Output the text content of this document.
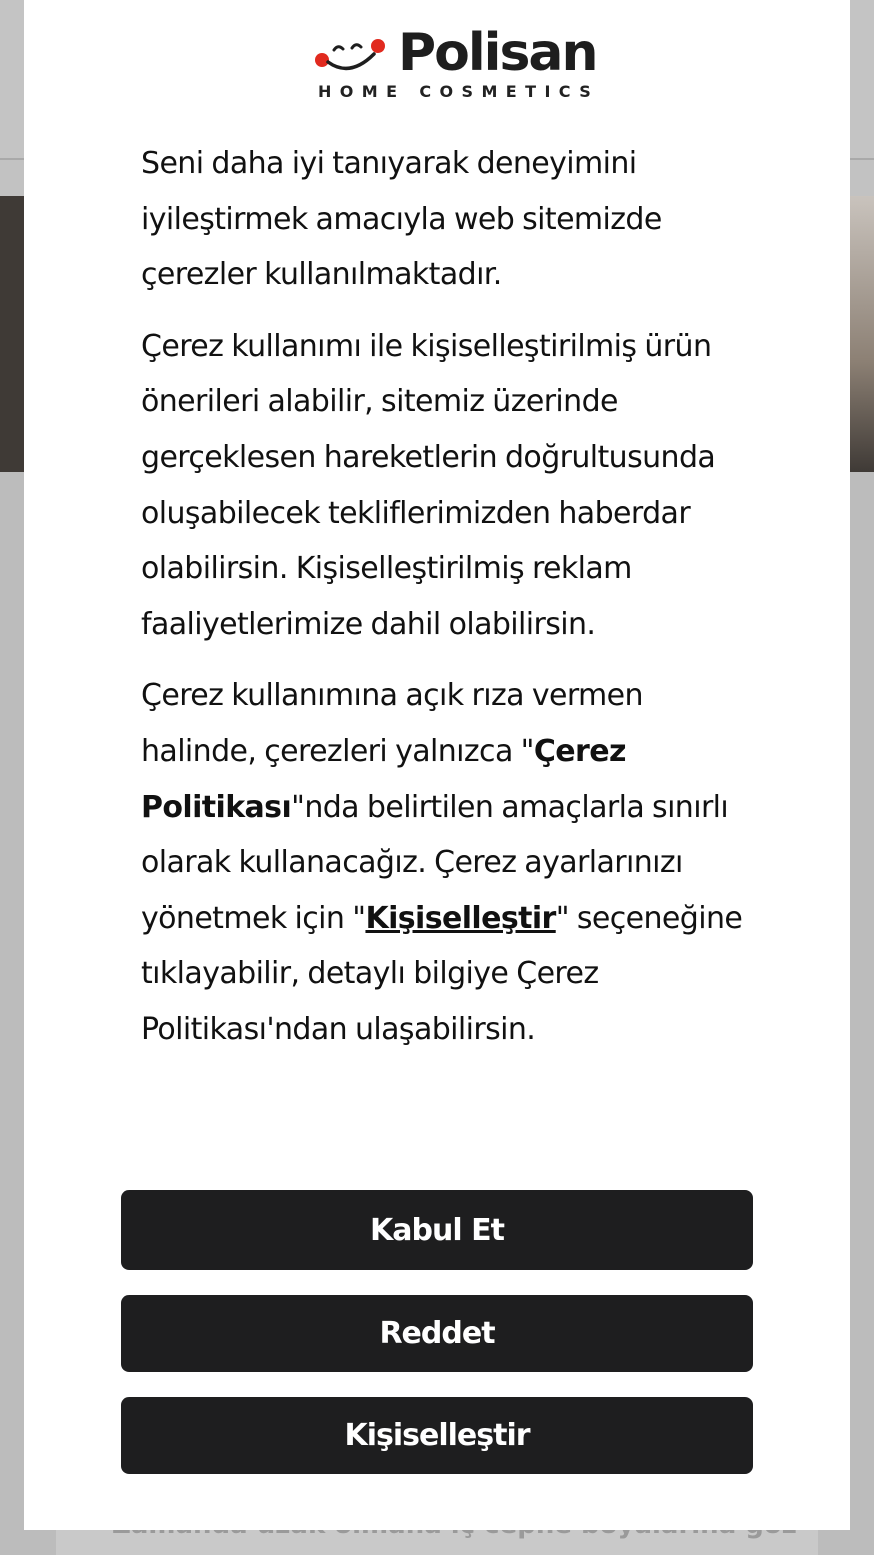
Polisan
HOME COSMETICS

Seni daha iyi tanıyarak deneyimini iyileştirmek amacıyla web sitemizde çerezler kullanılmaktadır.

Çerez kullanımı ile kişiselleştirilmiş ürün önerileri alabilir, sitemiz üzerinde gerçeklesen hareketlerin doğrultusunda oluşabilecek tekliflerimizden haberdar olabilirsin. Kişiselleştirilmiş reklam faaliyetlerimize dahil olabilirsin.

Çerez kullanımına açık rıza vermen halinde, çerezleri yalnızca "Çerez Politikası"nda belirtilen amaçlarla sınırlı olarak kullanacağız. Çerez ayarlarınızı yönetmek için "Kişiselleştir" seçeneğine tıklayabilir, detaylı bilgiye Çerez Politikası'ndan ulaşabilirsin.

Kabul Et
Reddet
Kişiselleştir
